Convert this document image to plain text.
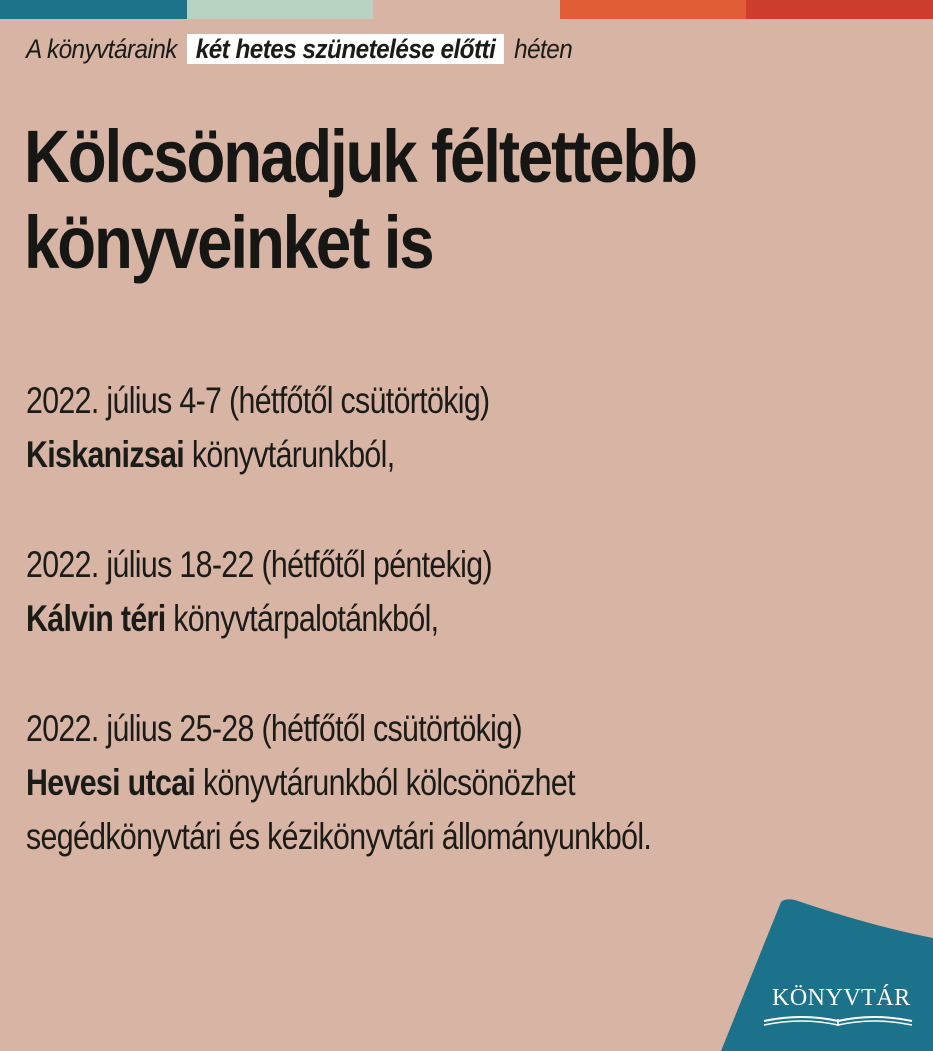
A könyvtáraink két hetes szünetelése előtti héten
Kölcsönadjuk féltettebb
könyveinket is
2022. július 4-7 (hétfőtől csütörtökig)
Kiskanizsai könyvtárunkból,
2022. július 18-22 (hétfőtől péntekig)
Kálvin téri könyvtárpalotánkból,
2022. július 25-28 (hétfőtől csütörtökig)
Hevesi utcai könyvtárunkból kölcsönözhet
segédkönyvtári és kézikönyvtári állományunkból.
KÖNYVTÁR
